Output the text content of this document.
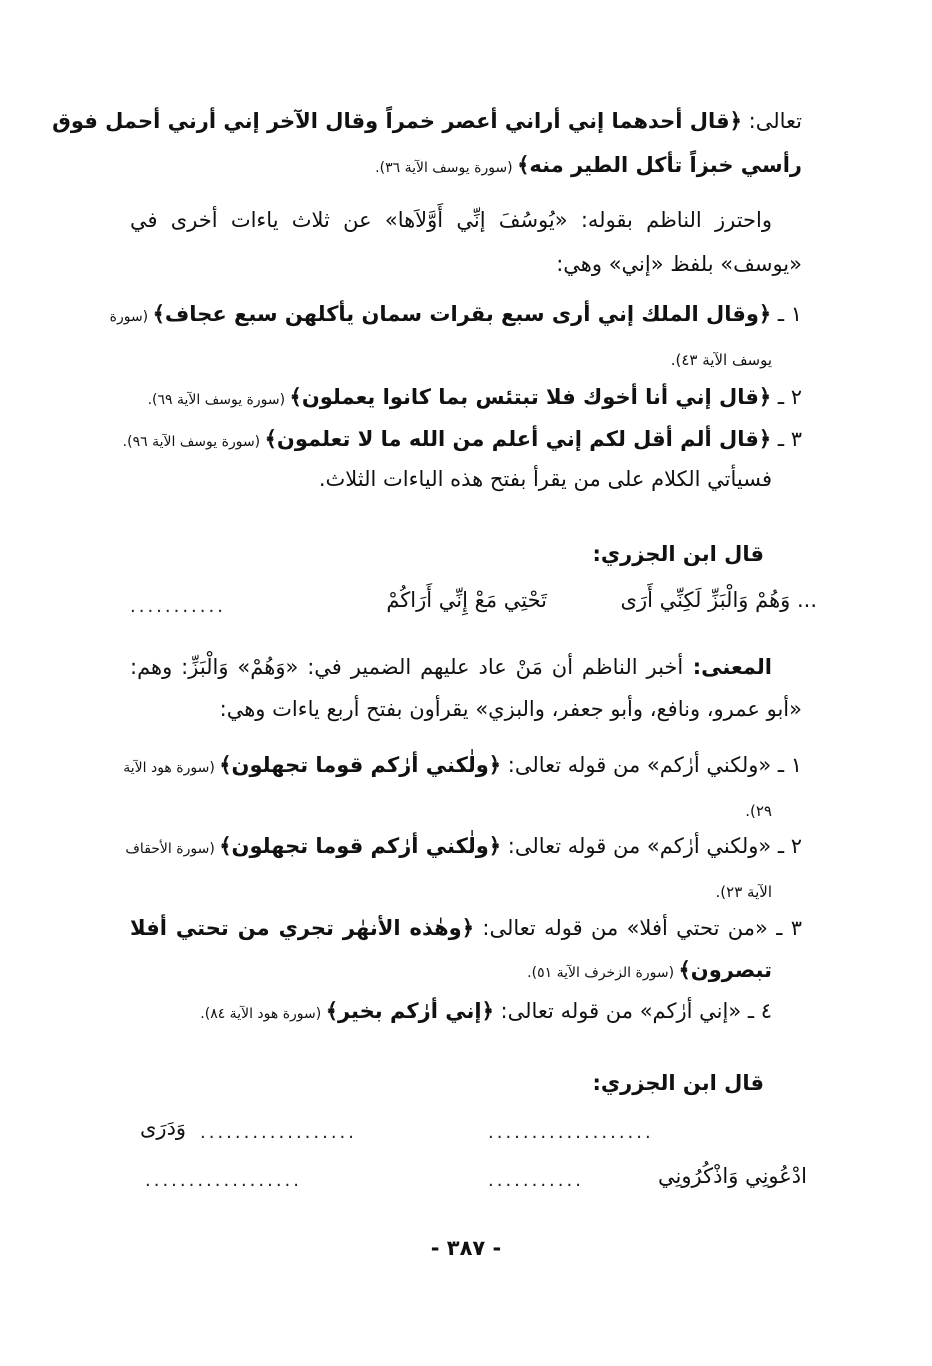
تعالى: ﴿قال أحدهما إني أراني أعصر خمراً وقال الآخر إني أرني أحمل فوق
رأسي خبزاً تأكل الطير منه﴾ (سورة يوسف الآية ٣٦).
واحترز الناظم بقوله: «يُوسُفَ إنِّي أَوَّلاَها» عن ثلاث ياءات أخرى في
«يوسف» بلفظ «إني» وهي:
١ ـ ﴿وقال الملك إني أرى سبع بقرات سمان يأكلهن سبع عجاف﴾ (سورة
يوسف الآية ٤٣).
٢ ـ ﴿قال إني أنا أخوك فلا تبتئس بما كانوا يعملون﴾ (سورة يوسف الآية ٦٩).
٣ ـ ﴿قال ألم أقل لكم إني أعلم من الله ما لا تعلمون﴾ (سورة يوسف الآية ٩٦).
فسيأتي الكلام على من يقرأ بفتح هذه الياءات الثلاث.
قال ابن الجزري:
... وَهُمْ وَالْبَزِّ لَكِنِّي أَرَى
تَحْتِي مَعْ إِنِّي أَرَاكُمْ
...........
المعنى: أخبر الناظم أن مَنْ عاد عليهم الضمير في: «وَهُمْ» وَالْبَزِّ: وهم:
«أبو عمرو، ونافع، وأبو جعفر، والبزي» يقرأون بفتح أربع ياءات وهي:
١ ـ «ولكني أرٰكم» من قوله تعالى: ﴿ولٰكني أرٰكم قوما تجهلون﴾ (سورة هود الآية
٢٩).
٢ ـ «ولكني أرٰكم» من قوله تعالى: ﴿ولٰكني أرٰكم قوما تجهلون﴾ (سورة الأحقاف
الآية ٢٣).
٣ ـ «من تحتي أفلا» من قوله تعالى: ﴿وهٰذه الأنهٰر تجري من تحتي أفلا
تبصرون﴾ (سورة الزخرف الآية ٥١).
٤ ـ «إني أرٰكم» من قوله تعالى: ﴿إني أرٰكم بخير﴾ (سورة هود الآية ٨٤).
قال ابن الجزري:
...................
وَدَرَى ..................
ادْعُونِي وَاذْكُرُونِي
...........
..................
- ٣٨٧ -
